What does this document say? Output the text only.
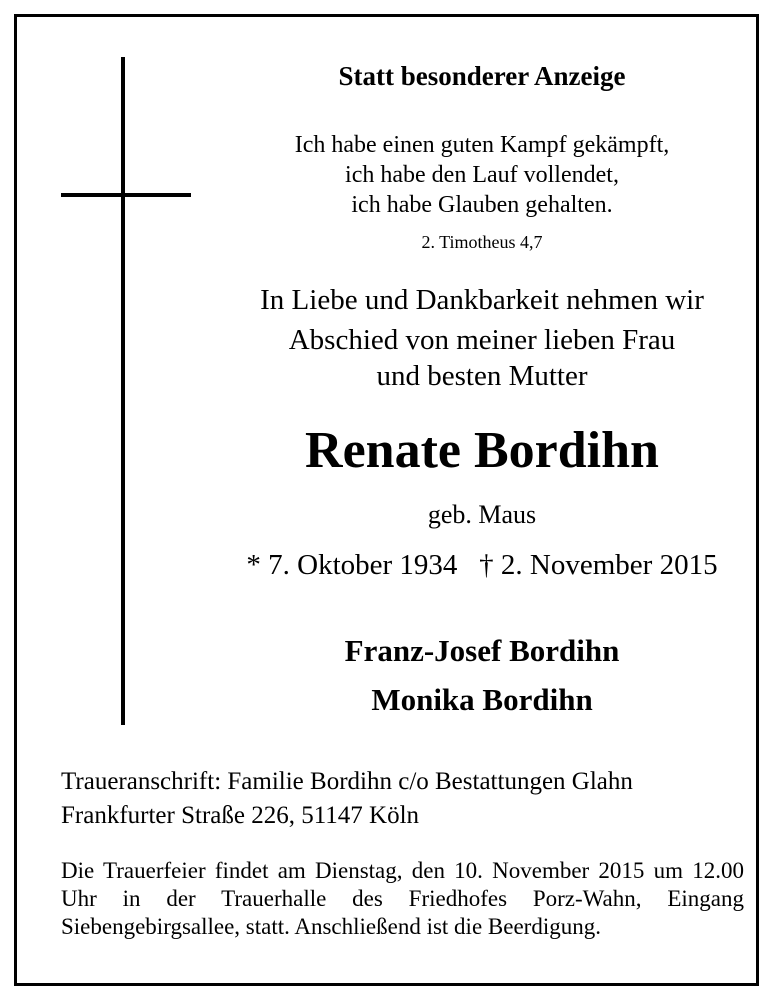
Statt besonderer Anzeige
Ich habe einen guten Kampf gekämpft,
ich habe den Lauf vollendet,
ich habe Glauben gehalten.
2. Timotheus 4,7
In Liebe und Dankbarkeit nehmen wir
Abschied von meiner lieben Frau
und besten Mutter
Renate Bordihn
geb. Maus
* 7. Oktober 1934   † 2. November 2015
Franz-Josef Bordihn
Monika Bordihn
Traueranschrift: Familie Bordihn c/o Bestattungen Glahn
Frankfurter Straße 226, 51147 Köln

Die Trauerfeier findet am Dienstag, den 10. November 2015 um 12.00 Uhr in der Trauerhalle des Friedhofes Porz-Wahn, Eingang Siebengebirgsallee, statt. Anschließend ist die Beerdigung.
